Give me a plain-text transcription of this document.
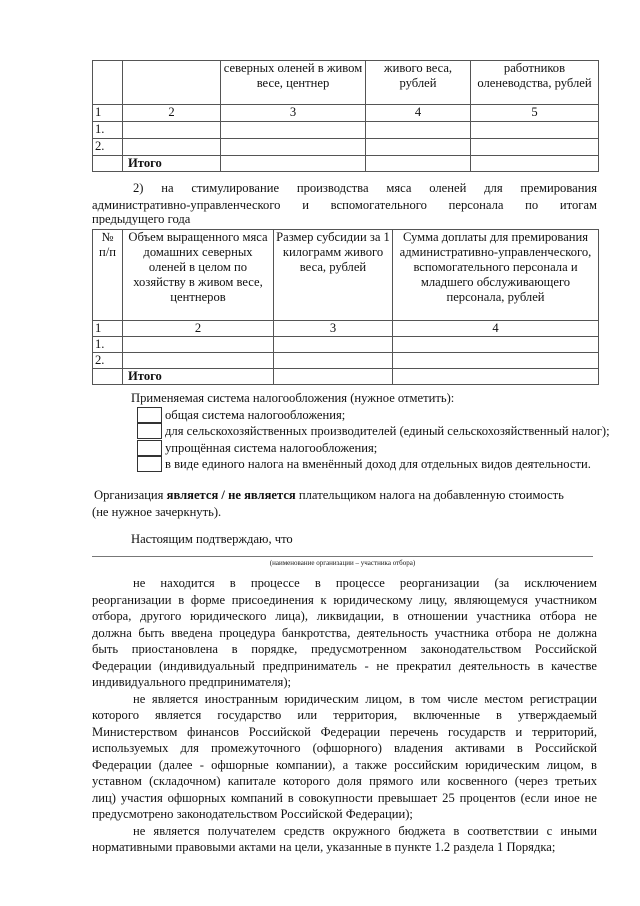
		северных оленей в живом весе, центнер	живого веса, рублей	работников оленеводства, рублей
1	2	3	4	5
1.				
2.				
	Итого			
2) на стимулирование производства мяса оленей для премирования
административно-управленческого и вспомогательного персонала по итогам
предыдущего года
№ п/п	Объем выращенного мяса домашних северных оленей в целом по хозяйству в живом весе, центнеров	Размер субсидии за 1 килограмм живого веса, рублей	Сумма доплаты для премирования административно-управленческого, вспомогательного персонала и младшего обслуживающего персонала, рублей
1	2	3	4
1.			
2.			
	Итого		
Применяемая система налогообложения (нужное отметить):
общая система налогообложения;
для сельскохозяйственных производителей (единый сельскохозяйственный налог);
упрощённая система налогообложения;
в виде единого налога на вменённый доход для отдельных видов деятельности.
Организация является / не является плательщиком налога на добавленную стоимость
(не нужное зачеркнуть).
Настоящим подтверждаю, что
(наименование организации – участника отбора)
не находится в процессе в процессе реорганизации (за исключением
реорганизации в форме присоединения к юридическому лицу, являющемуся участником
отбора, другого юридического лица), ликвидации, в отношении участника отбора не
должна быть введена процедура банкротства, деятельность участника отбора не должна
быть приостановлена в порядке, предусмотренном законодательством Российской
Федерации (индивидуальный предприниматель - не прекратил деятельность в качестве
индивидуального предпринимателя);
не является иностранным юридическим лицом, в том числе местом регистрации
которого является государство или территория, включенные в утверждаемый
Министерством финансов Российской Федерации перечень государств и территорий,
используемых для промежуточного (офшорного) владения активами в Российской
Федерации (далее - офшорные компании), а также российским юридическим лицом, в
уставном (складочном) капитале которого доля прямого или косвенного (через третьих
лиц) участия офшорных компаний в совокупности превышает 25 процентов (если иное не
предусмотрено законодательством Российской Федерации);
не является получателем средств окружного бюджета в соответствии с иными
нормативными правовыми актами на цели, указанные в пункте 1.2 раздела 1 Порядка;
